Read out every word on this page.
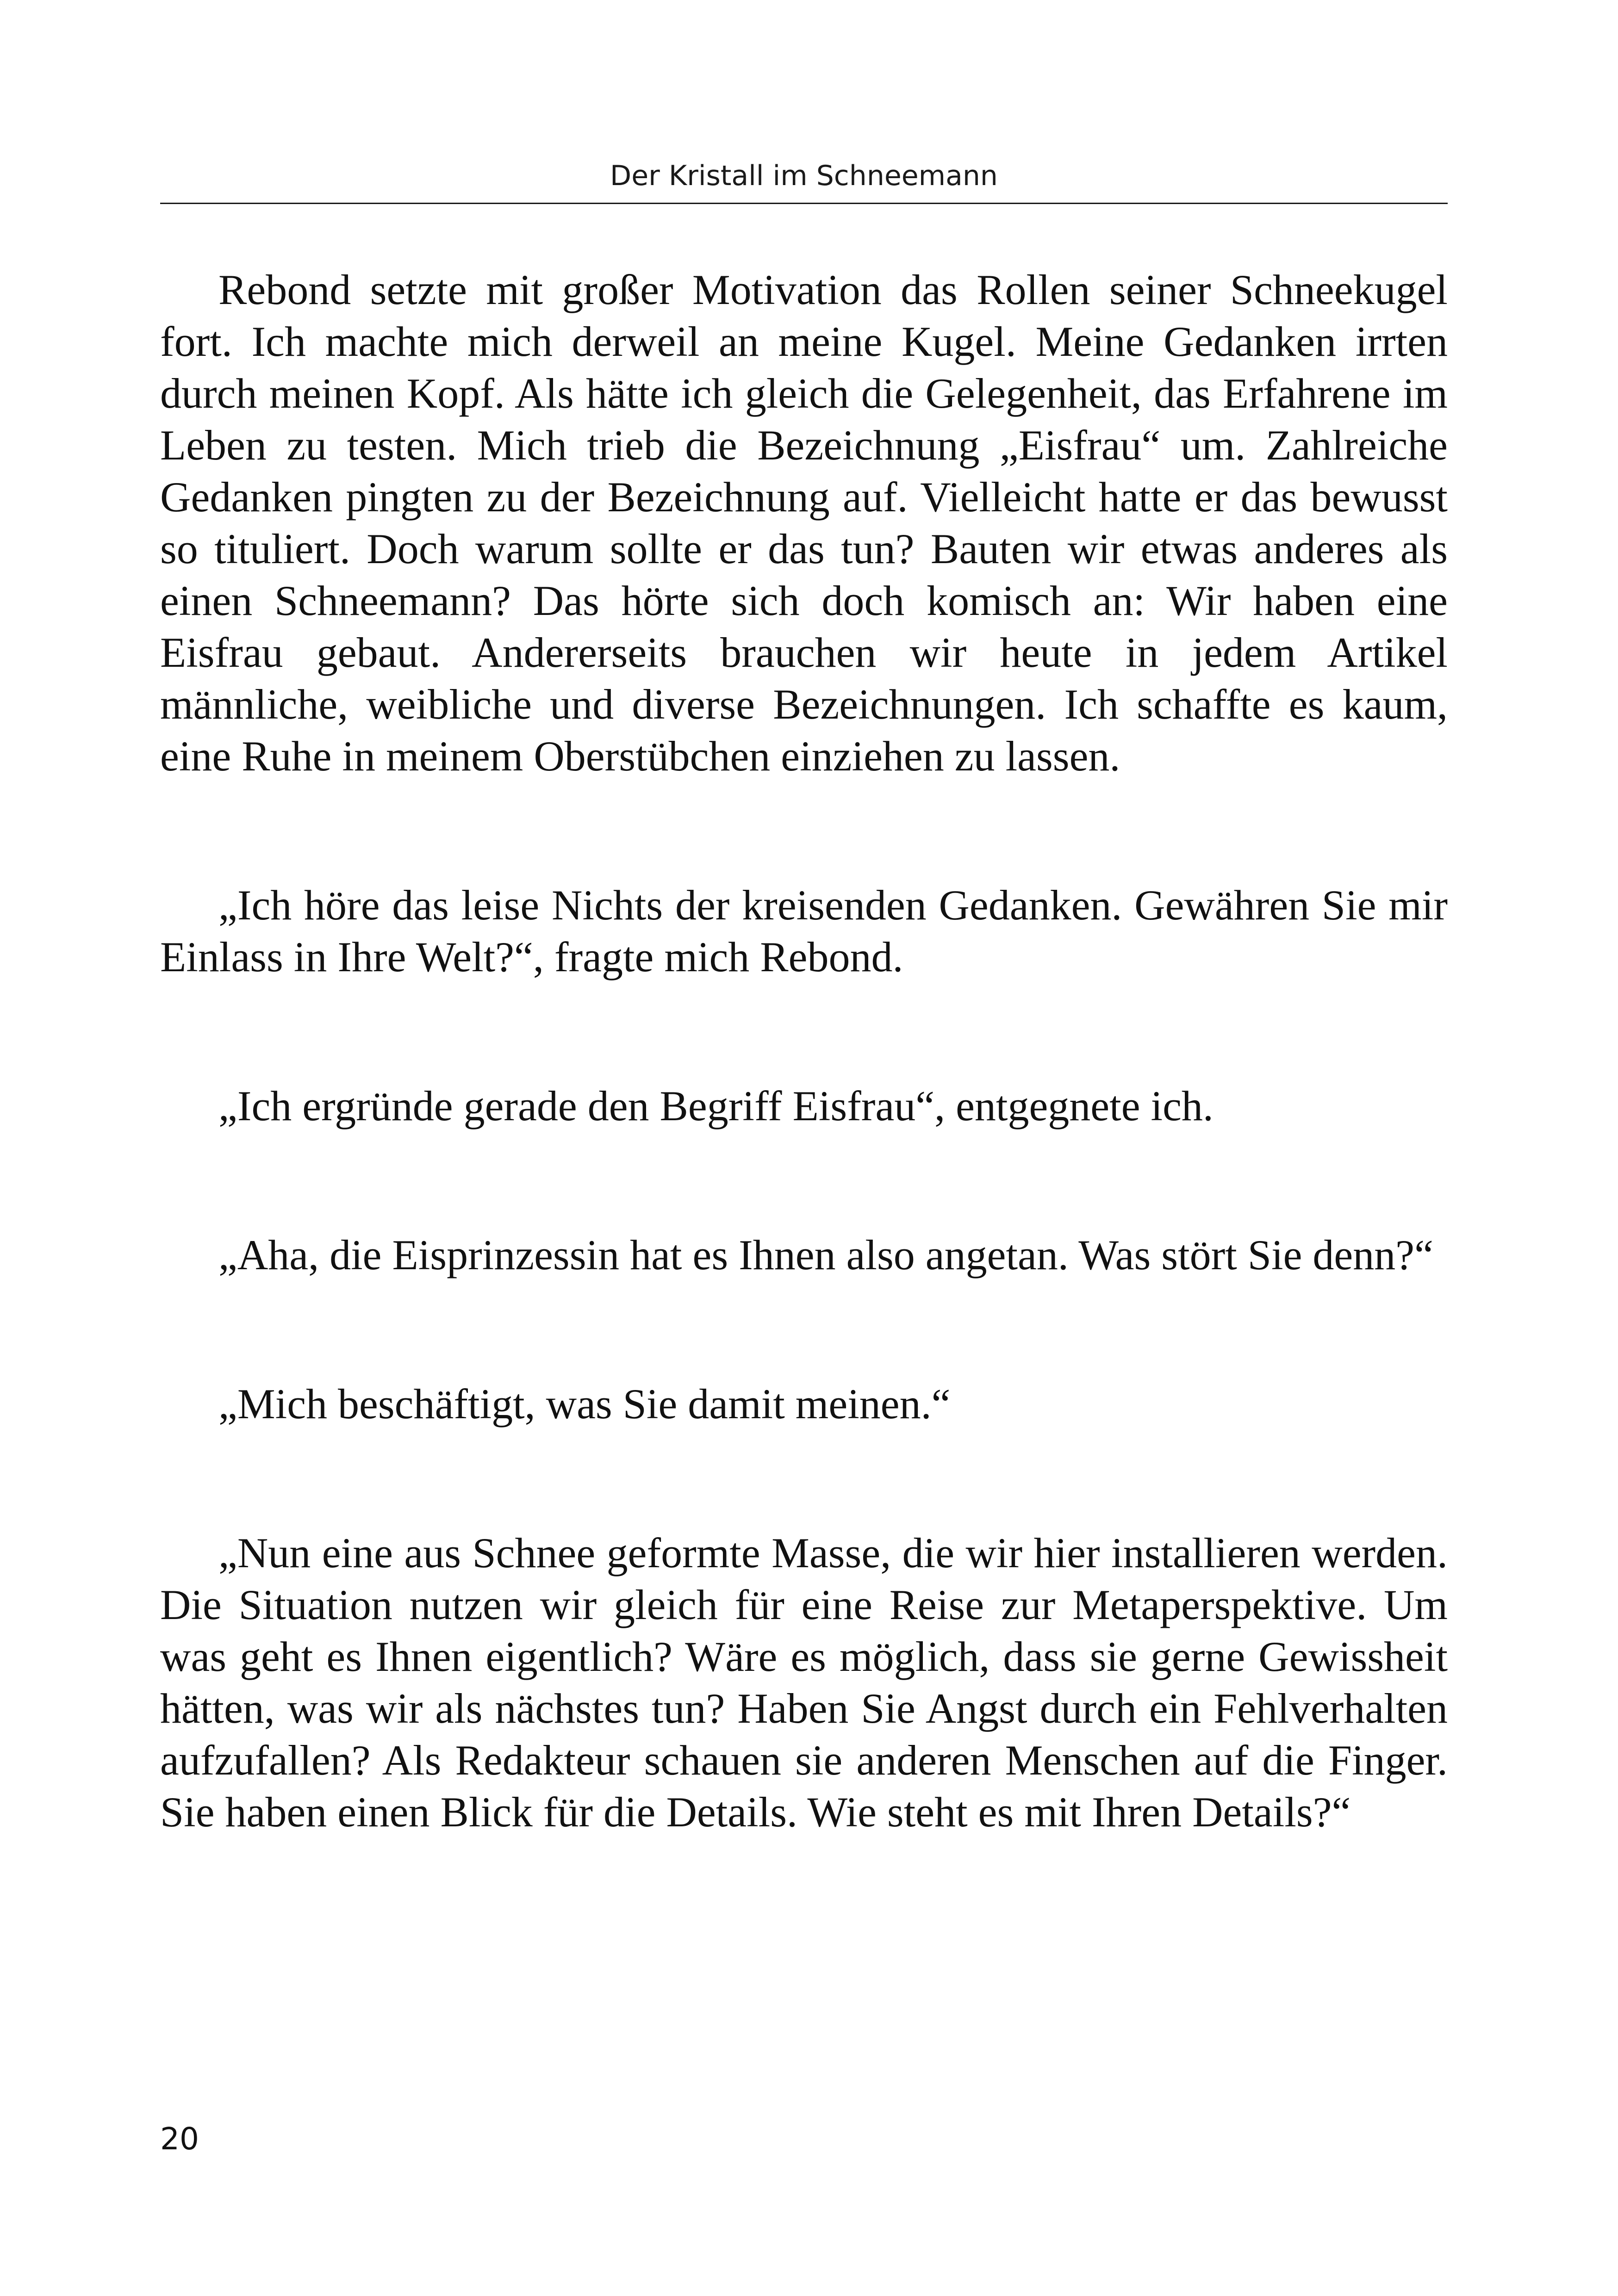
Der Kristall im Schneemann

Rebond setzte mit großer Motivation das Rollen seiner Schneekugel fort. Ich machte mich derweil an meine Kugel. Meine Gedanken irrten durch meinen Kopf. Als hätte ich gleich die Gelegenheit, das Erfahrene im Leben zu testen. Mich trieb die Bezeichnung „Eisfrau“ um. Zahlreiche Gedanken pingten zu der Bezeichnung auf. Vielleicht hatte er das bewusst so tituliert. Doch warum sollte er das tun? Bauten wir etwas anderes als einen Schneemann? Das hörte sich doch komisch an: Wir haben eine Eisfrau gebaut. Andererseits brauchen wir heute in jedem Artikel männliche, weibliche und diverse Bezeichnungen. Ich schaffte es kaum, eine Ruhe in meinem Oberstübchen einziehen zu lassen.

„Ich höre das leise Nichts der kreisenden Gedanken. Gewähren Sie mir Einlass in Ihre Welt?“, fragte mich Rebond.

„Ich ergründe gerade den Begriff Eisfrau“, entgegnete ich.

„Aha, die Eisprinzessin hat es Ihnen also angetan. Was stört Sie denn?“

„Mich beschäftigt, was Sie damit meinen.“

„Nun eine aus Schnee geformte Masse, die wir hier installieren werden. Die Situation nutzen wir gleich für eine Reise zur Metaperspektive. Um was geht es Ihnen eigentlich? Wäre es möglich, dass sie gerne Gewissheit hätten, was wir als nächstes tun? Haben Sie Angst durch ein Fehlverhalten aufzufallen? Als Redakteur schauen sie anderen Menschen auf die Finger. Sie haben einen Blick für die Details. Wie steht es mit Ihren Details?“

20
